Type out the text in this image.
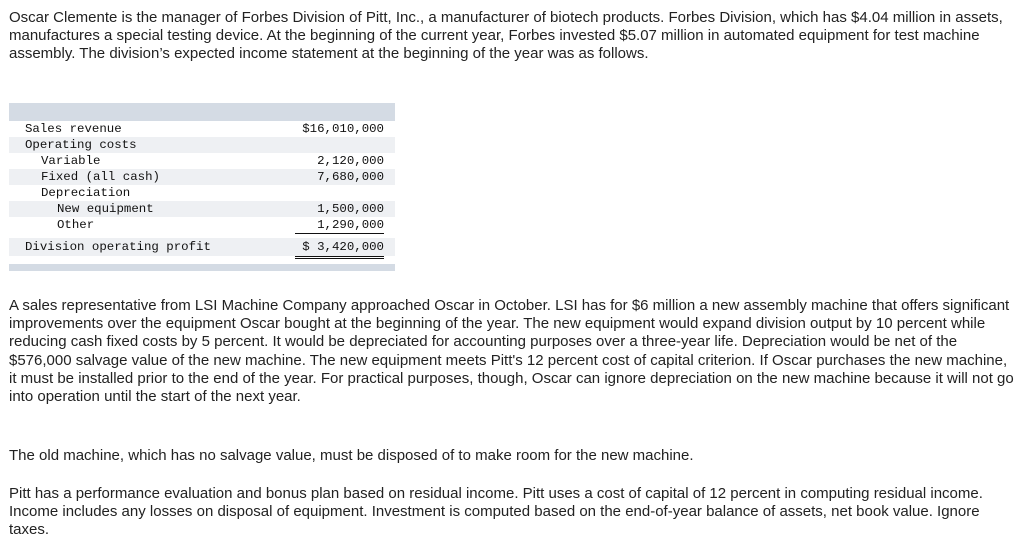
Oscar Clemente is the manager of Forbes Division of Pitt, Inc., a manufacturer of biotech products. Forbes Division, which has $4.04 million in assets, manufactures a special testing device. At the beginning of the current year, Forbes invested $5.07 million in automated equipment for test machine assembly. The division’s expected income statement at the beginning of the year was as follows.

Sales revenue	$16,010,000
Operating costs
Variable	2,120,000
Fixed (all cash)	7,680,000
Depreciation
New equipment	1,500,000
Other	1,290,000
Division operating profit	$ 3,420,000

A sales representative from LSI Machine Company approached Oscar in October. LSI has for $6 million a new assembly machine that offers significant improvements over the equipment Oscar bought at the beginning of the year. The new equipment would expand division output by 10 percent while reducing cash fixed costs by 5 percent. It would be depreciated for accounting purposes over a three-year life. Depreciation would be net of the $576,000 salvage value of the new machine. The new equipment meets Pitt's 12 percent cost of capital criterion. If Oscar purchases the new machine, it must be installed prior to the end of the year. For practical purposes, though, Oscar can ignore depreciation on the new machine because it will not go into operation until the start of the next year.

The old machine, which has no salvage value, must be disposed of to make room for the new machine.

Pitt has a performance evaluation and bonus plan based on residual income. Pitt uses a cost of capital of 12 percent in computing residual income. Income includes any losses on disposal of equipment. Investment is computed based on the end-of-year balance of assets, net book value. Ignore taxes.
